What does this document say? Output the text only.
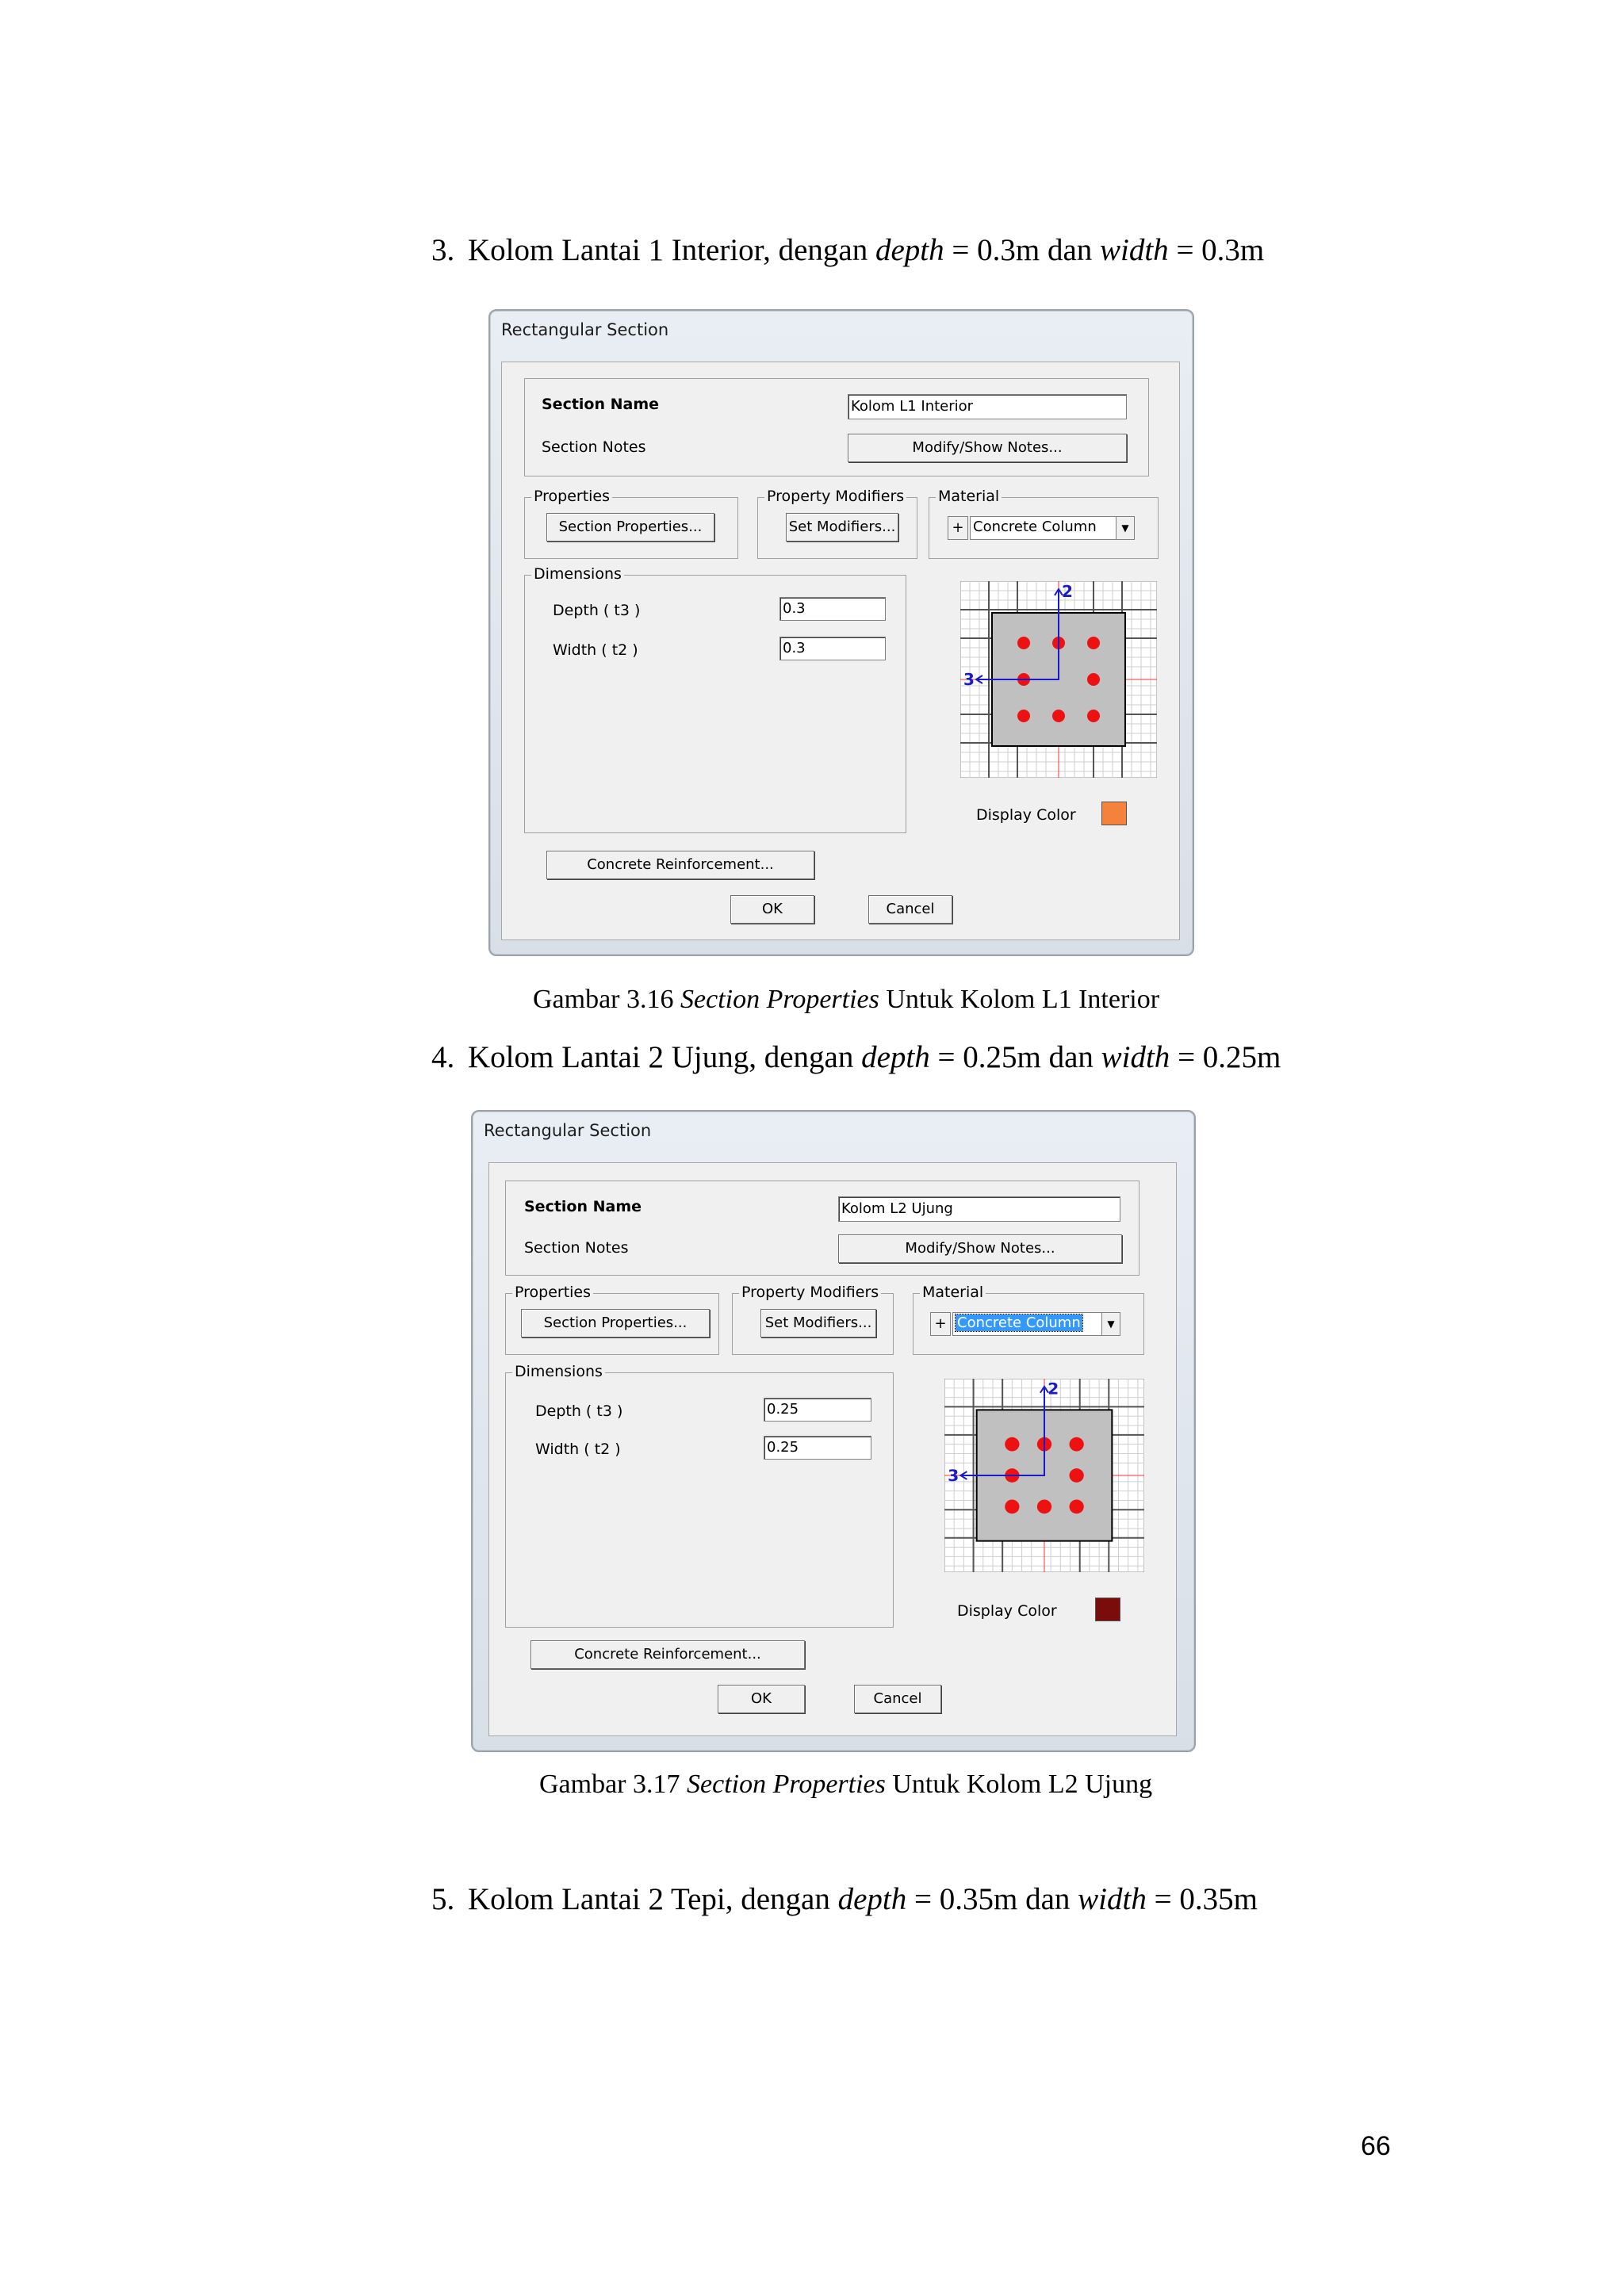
3. Kolom Lantai 1 Interior, dengan depth = 0.3m dan width = 0.3m
Rectangular Section
Section Name	Kolom L1 Interior
Section Notes	Modify/Show Notes...
Properties
Section Properties...
Property Modifiers
Set Modifiers...
Material
+ Concrete Column	▼
Dimensions
Depth ( t3 )	0.3
Width ( t2 )	0.3
2
3
Display Color
Concrete Reinforcement...
OK	Cancel
Gambar 3.16 Section Properties Untuk Kolom L1 Interior
4. Kolom Lantai 2 Ujung, dengan depth = 0.25m dan width = 0.25m
Rectangular Section
Section Name	Kolom L2 Ujung
Section Notes	Modify/Show Notes...
Properties
Section Properties...
Property Modifiers
Set Modifiers...
Material
+ Concrete Column	▼
Dimensions
Depth ( t3 )	0.25
Width ( t2 )	0.25
2
3
Display Color
Concrete Reinforcement...
OK	Cancel
Gambar 3.17 Section Properties Untuk Kolom L2 Ujung
5. Kolom Lantai 2 Tepi, dengan depth = 0.35m dan width = 0.35m
66
